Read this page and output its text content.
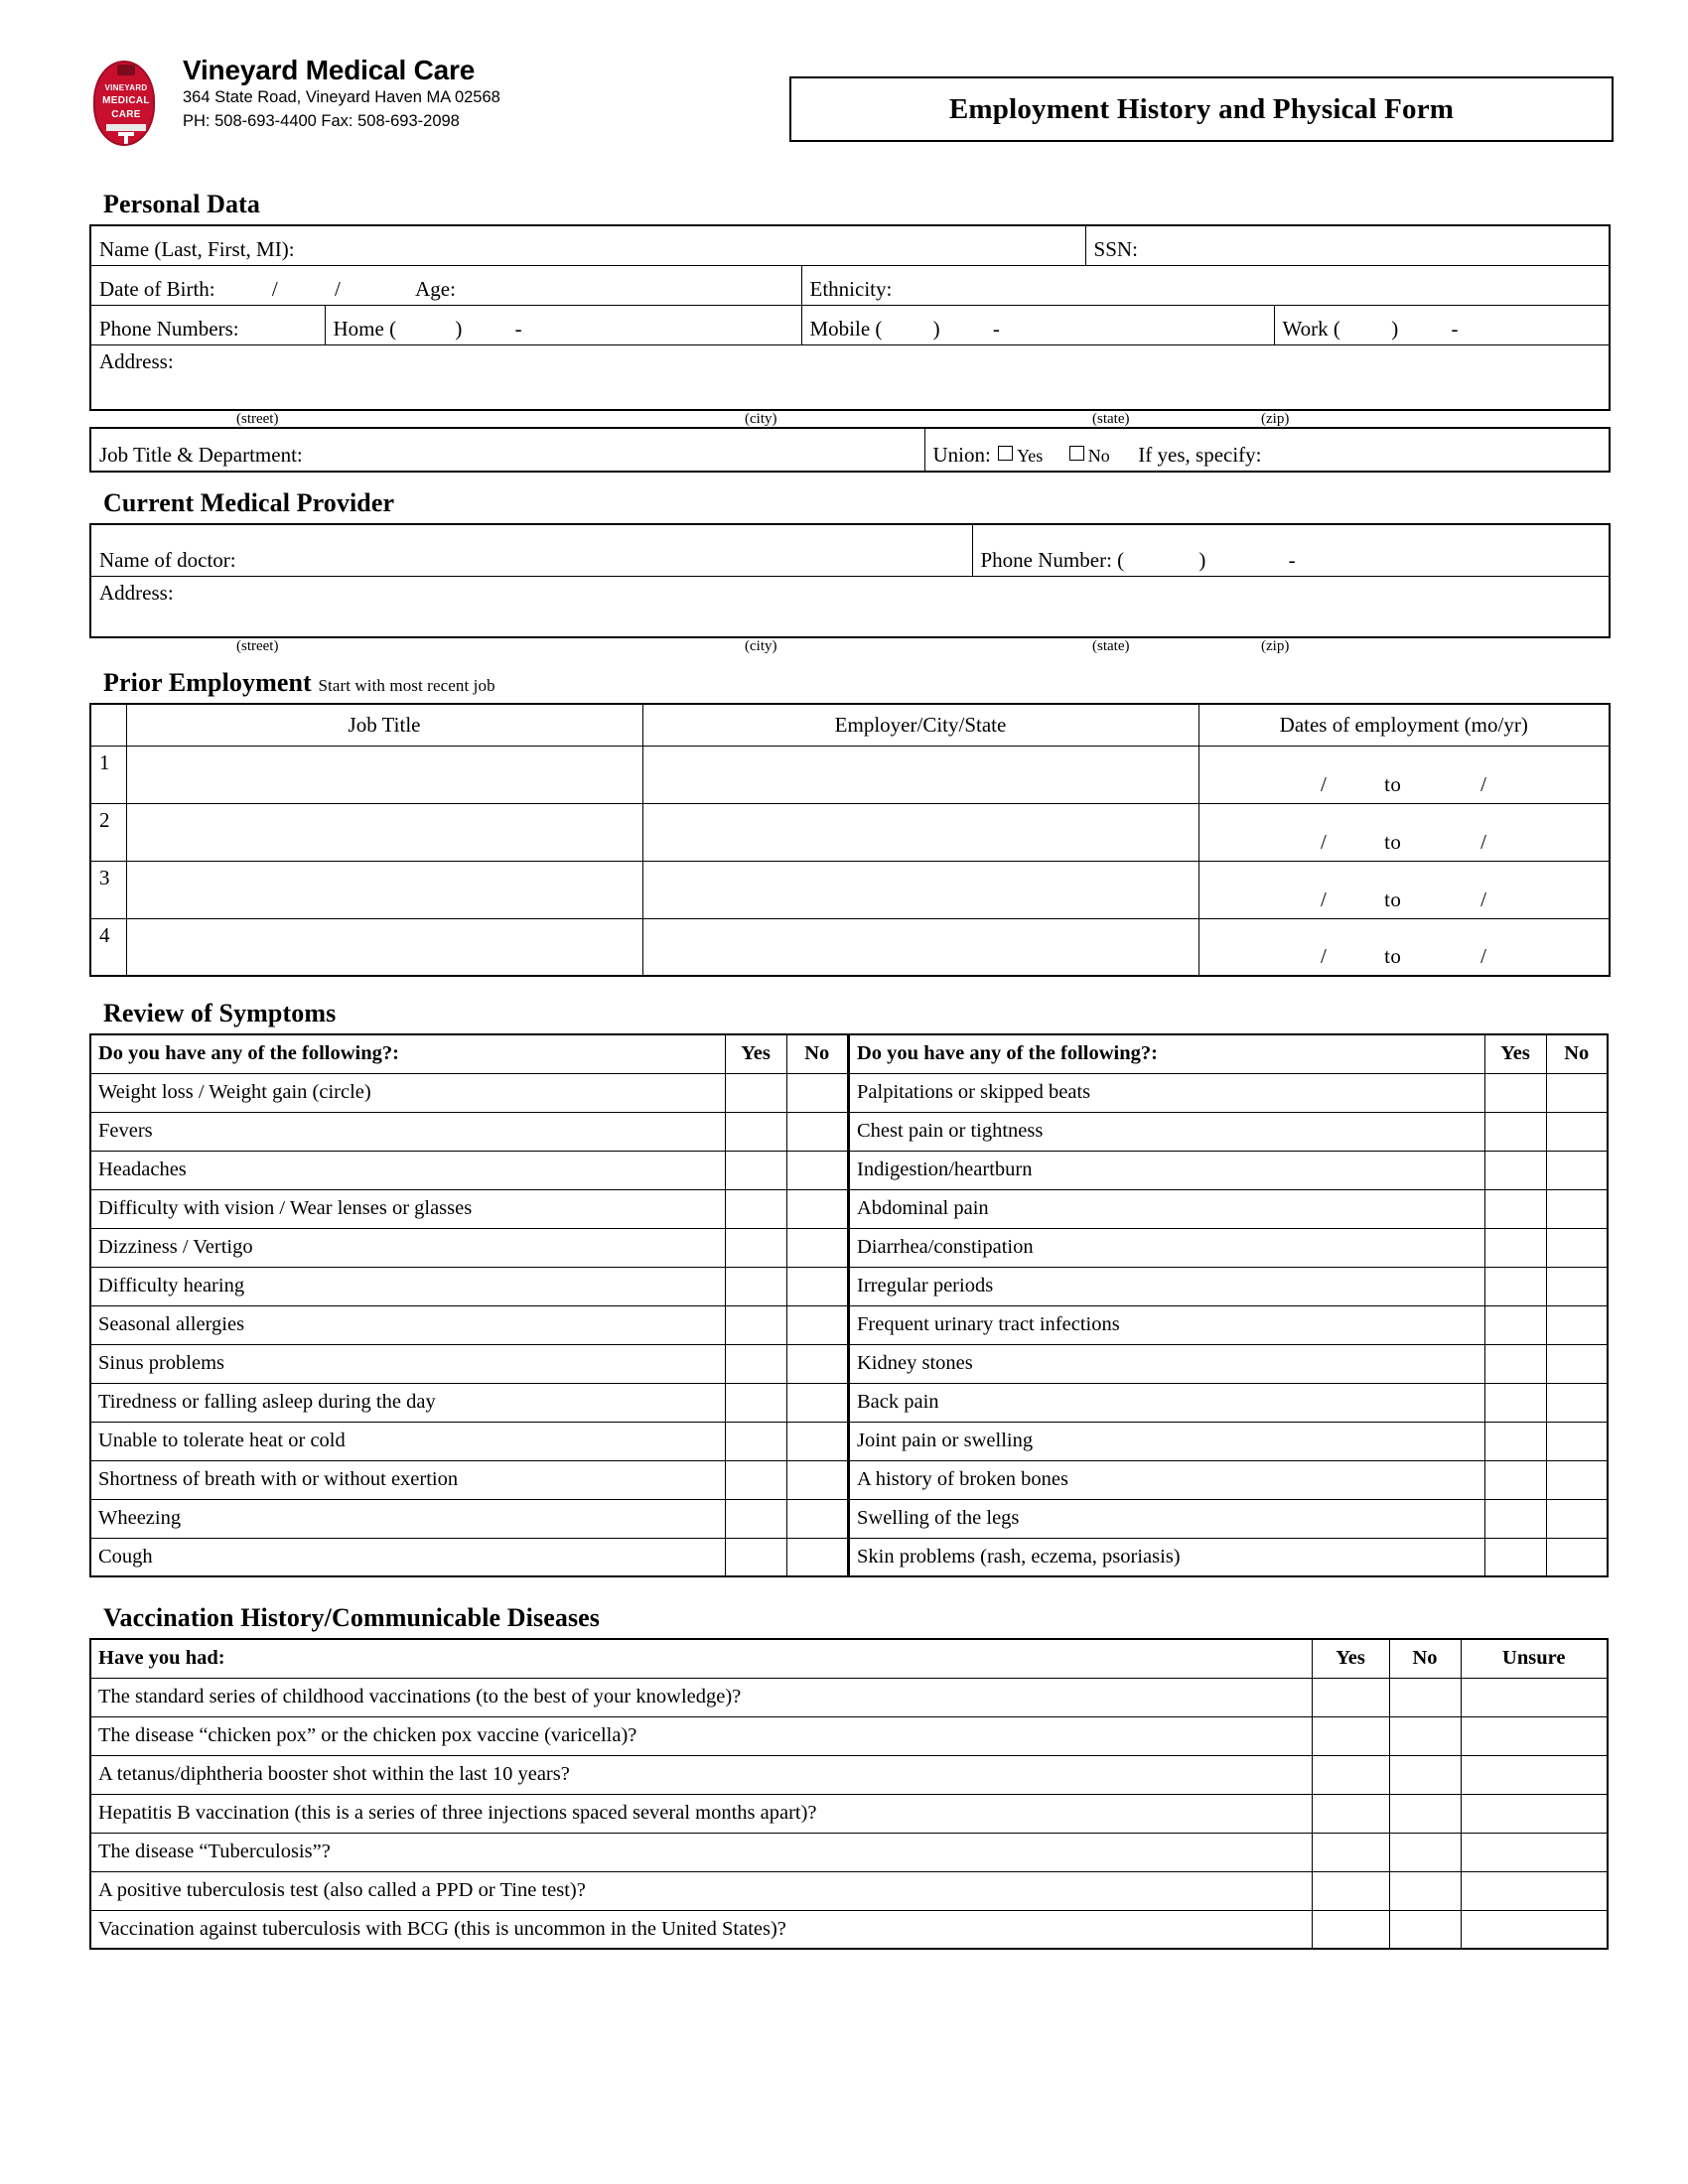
VINEYARD
MEDICAL
CARE
Vineyard Medical Care
364 State Road, Vineyard Haven MA 02568
PH: 508-693-4400 Fax: 508-693-2098	Employment History and Physical Form
Personal Data
Name (Last, First, MI):			SSN:	
Date of Birth: / / Age:		Ethnicity:		
Phone Numbers:	Home ( ) -	Mobile ( ) -		Work ( ) -
Address:				
(street)	(city)	(state)	(zip)
Job Title & Department:	Union: Yes	No If yes, specify:
Current Medical Provider
Name of doctor:	Phone Number: (	)	-
Address:
(street)	(city)	(state)	(zip)
Prior Employment Start with most recent job
	Job Title	Employer/City/State	Dates of employment (mo/yr)
1			/ to /
2			/ to /
3			/ to /
4			/ to /
Review of Symptoms
Do you have any of the following?:	Yes	No
Weight loss / Weight gain (circle)		
Fevers		
Headaches		
Difficulty with vision / Wear lenses or glasses		
Dizziness / Vertigo		
Difficulty hearing		
Seasonal allergies		
Sinus problems		
Tiredness or falling asleep during the day		
Unable to tolerate heat or cold		
Shortness of breath with or without exertion		
Wheezing		
Cough		
Do you have any of the following?:	Yes	No
Palpitations or skipped beats		
Chest pain or tightness		
Indigestion/heartburn		
Abdominal pain		
Diarrhea/constipation		
Irregular periods		
Frequent urinary tract infections		
Kidney stones		
Back pain		
Joint pain or swelling		
A history of broken bones		
Swelling of the legs		
Skin problems (rash, eczema, psoriasis)		
Vaccination History/Communicable Diseases
Have you had:	Yes	No	Unsure
The standard series of childhood vaccinations (to the best of your knowledge)?			
The disease “chicken pox” or the chicken pox vaccine (varicella)?			
A tetanus/diphtheria booster shot within the last 10 years?			
Hepatitis B vaccination (this is a series of three injections spaced several months apart)?			
The disease “Tuberculosis”?			
A positive tuberculosis test (also called a PPD or Tine test)?			
Vaccination against tuberculosis with BCG (this is uncommon in the United States)?			
